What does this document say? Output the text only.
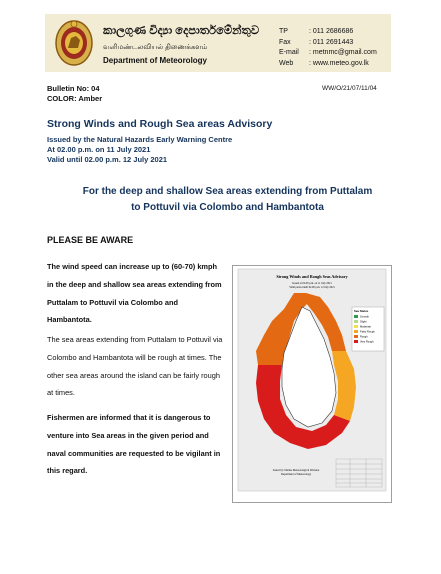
කාලගුණ විද්‍යා දෙපාර්තමේන්තුව
வளிமண்டலவியல் திணைக்களம்
Department of Meteorology
TP	: 011 2686686
Fax	: 011 2691443
E-mail	: metnmc@gmail.com
Web	: www.meteo.gov.lk
Bulletin No: 04
COLOR: Amber
WW/O/21/07/11/04
Strong Winds and Rough Sea areas Advisory
Issued by the Natural Hazards Early Warning Centre
At 02.00 p.m. on 11 July 2021
Valid until 02.00 p.m. 12 July 2021
For the deep and shallow Sea areas extending from Puttalam
to Pottuvil via Colombo and Hambantota
PLEASE BE AWARE
The wind speed can increase up to (60-70) kmph in the deep and shallow sea areas extending from Puttalam to Pottuvil via Colombo and Hambantota.
The sea areas extending from Puttalam to Pottuvil via Colombo and Hambantota will be rough at times. The other sea areas around the island can be fairly rough at times.
Fishermen are informed that it is dangerous to venture into Sea areas in the given period and naval communities are requested to be vigilant in this regard.
Strong Winds and Rough Seas Advisory
Issued at 02.00 p.m. on 11 July 2021
Valid period until 02.00 p.m. 12 July 2021
Sea Status
Smooth
Slight
Moderate
Fairly Rough
Rough
Very Rough
Issued by: Marine Meteorological Division
Department of Meteorology
